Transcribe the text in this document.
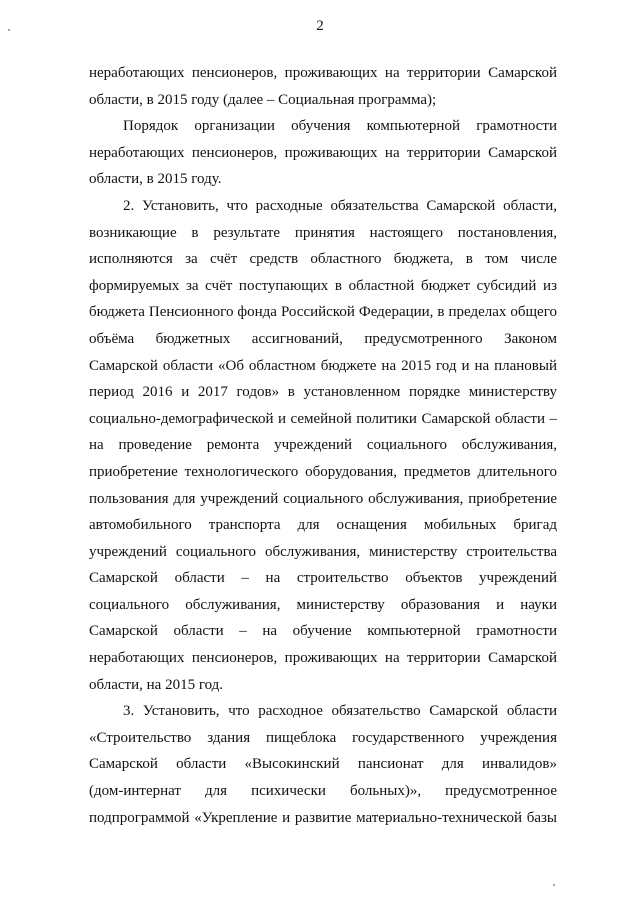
2

неработающих пенсионеров, проживающих на территории Самарской
области, в 2015 году (далее – Социальная программа);

Порядок организации обучения компьютерной грамотности
неработающих пенсионеров, проживающих на территории Самарской
области, в 2015 году.

2. Установить, что расходные обязательства Самарской области,
возникающие в результате принятия настоящего постановления,
исполняются за счёт средств областного бюджета, в том числе
формируемых за счёт поступающих в областной бюджет субсидий из
бюджета Пенсионного фонда Российской Федерации, в пределах общего
объёма бюджетных ассигнований, предусмотренного Законом
Самарской области «Об областном бюджете на 2015 год и на плановый
период 2016 и 2017 годов» в установленном порядке министерству
социально-демографической и семейной политики Самарской области –
на проведение ремонта учреждений социального обслуживания,
приобретение технологического оборудования, предметов длительного
пользования для учреждений социального обслуживания, приобретение
автомобильного транспорта для оснащения мобильных бригад
учреждений социального обслуживания, министерству строительства
Самарской области – на строительство объектов учреждений
социального обслуживания, министерству образования и науки
Самарской области – на обучение компьютерной грамотности
неработающих пенсионеров, проживающих на территории Самарской
области, на 2015 год.

3. Установить, что расходное обязательство Самарской области
«Строительство здания пищеблока государственного учреждения
Самарской области «Высокинский пансионат для инвалидов»
(дом-интернат для психически больных)», предусмотренное
подпрограммой «Укрепление и развитие материально-технической базы
